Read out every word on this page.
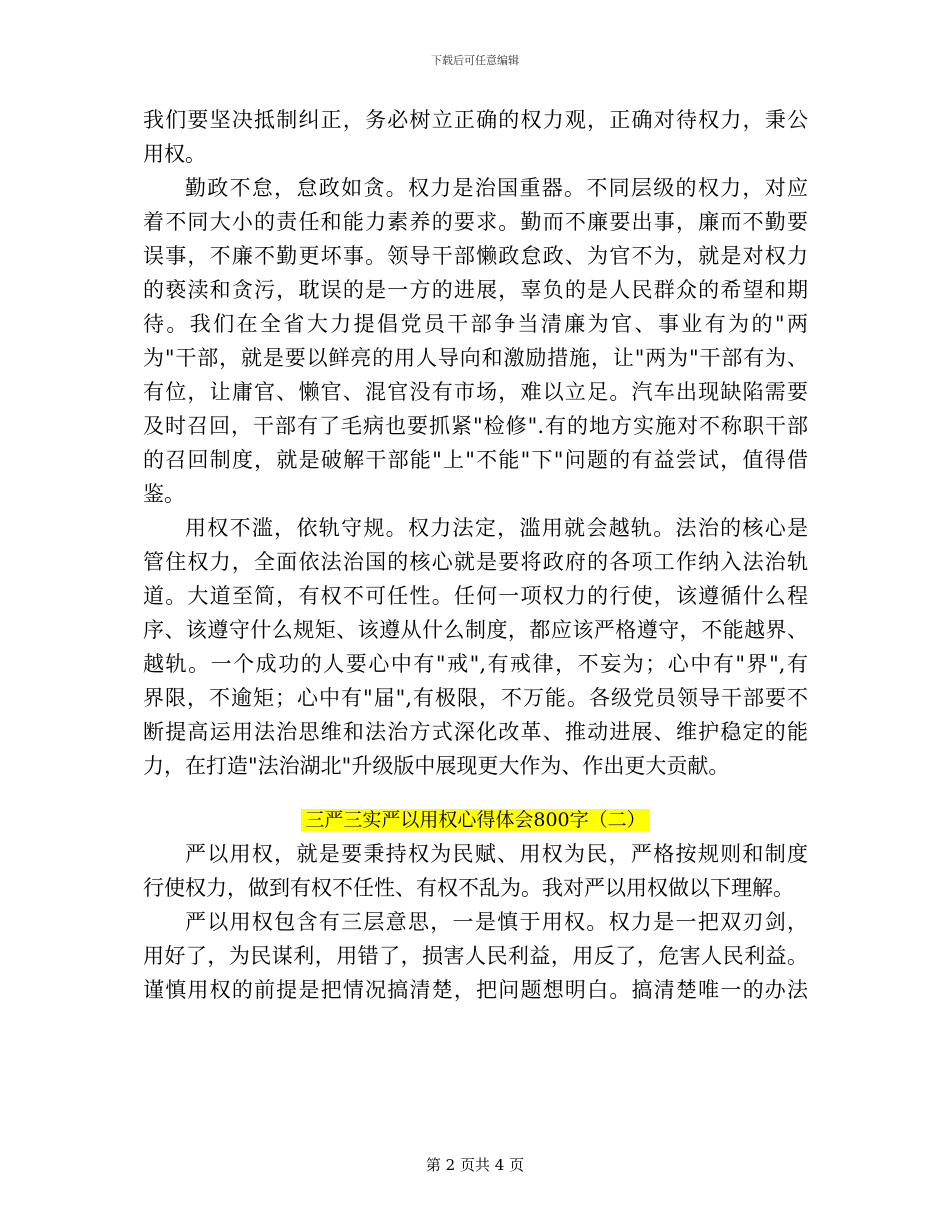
下载后可任意编辑
我们要坚决抵制纠正，务必树立正确的权力观，正确对待权力，秉公
用权。
勤政不怠，怠政如贪。权力是治国重器。不同层级的权力，对应
着不同大小的责任和能力素养的要求。勤而不廉要出事，廉而不勤要
误事，不廉不勤更坏事。领导干部懒政怠政、为官不为，就是对权力
的亵渎和贪污，耽误的是一方的进展，辜负的是人民群众的希望和期
待。我们在全省大力提倡党员干部争当清廉为官、事业有为的"两
为"干部，就是要以鲜亮的用人导向和激励措施，让"两为"干部有为、
有位，让庸官、懒官、混官没有市场，难以立足。汽车出现缺陷需要
及时召回，干部有了毛病也要抓紧"检修".有的地方实施对不称职干部
的召回制度，就是破解干部能"上"不能"下"问题的有益尝试，值得借
鉴。
用权不滥，依轨守规。权力法定，滥用就会越轨。法治的核心是
管住权力，全面依法治国的核心就是要将政府的各项工作纳入法治轨
道。大道至简，有权不可任性。任何一项权力的行使，该遵循什么程
序、该遵守什么规矩、该遵从什么制度，都应该严格遵守，不能越界、
越轨。一个成功的人要心中有"戒",有戒律，不妄为；心中有"界",有
界限，不逾矩；心中有"届",有极限，不万能。各级党员领导干部要不
断提高运用法治思维和法治方式深化改革、推动进展、维护稳定的能
力，在打造"法治湖北"升级版中展现更大作为、作出更大贡献。
三严三实严以用权心得体会800字（二）
严以用权，就是要秉持权为民赋、用权为民，严格按规则和制度
行使权力，做到有权不任性、有权不乱为。我对严以用权做以下理解。
严以用权包含有三层意思，一是慎于用权。权力是一把双刃剑，
用好了，为民谋利，用错了，损害人民利益，用反了，危害人民利益。
谨慎用权的前提是把情况搞清楚，把问题想明白。搞清楚唯一的办法
第 2 页共 4 页
